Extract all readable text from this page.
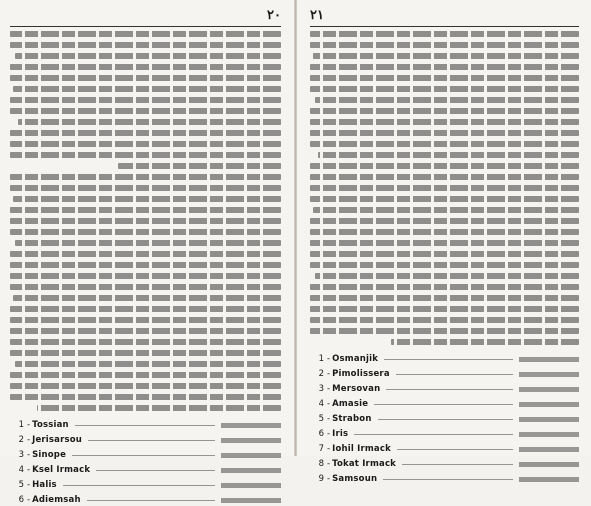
۲۰
1 - Tossian
2 - Jerisarsou
3 - Sinope
4 - Ksel Irmack
5 - Halis
6 - Adiemsah
۲۱
1 - Osmanjik
2 - Pimolissera
3 - Mersovan
4 - Amasie
5 - Strabon
6 - Iris
7 - Iohil Irmack
8 - Tokat Irmack
9 - Samsoun
